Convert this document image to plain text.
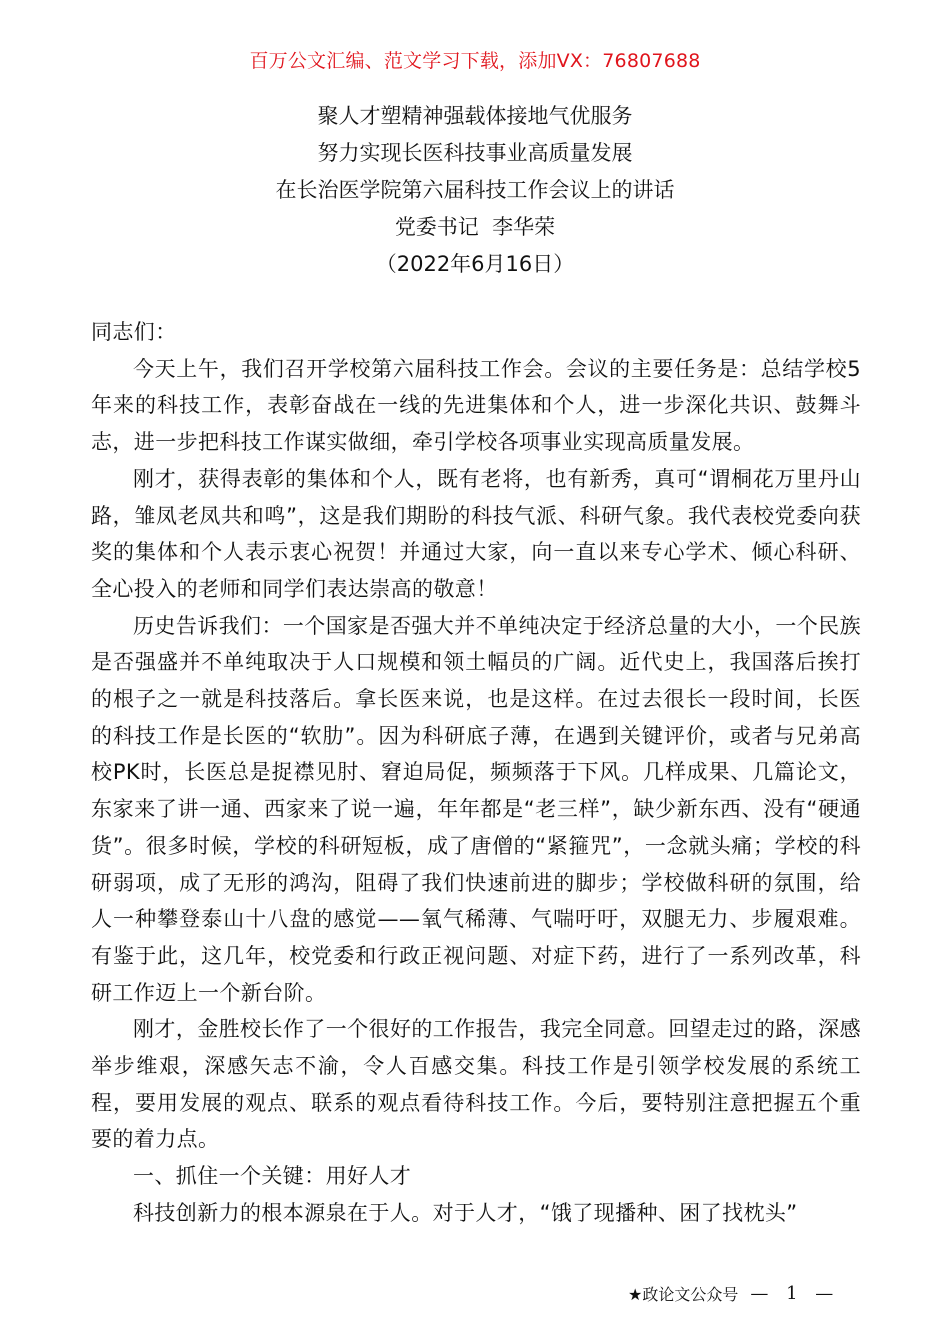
百万公文汇编、范文学习下载，添加VX：76807688
聚人才塑精神强载体接地气优服务
努力实现长医科技事业高质量发展
在长治医学院第六届科技工作会议上的讲话
党委书记  李华荣
（2022年6月16日）

同志们：

今天上午，我们召开学校第六届科技工作会。会议的主要任务是：总结学校5年来的科技工作，表彰奋战在一线的先进集体和个人，进一步深化共识、鼓舞斗志，进一步把科技工作谋实做细，牵引学校各项事业实现高质量发展。

刚才，获得表彰的集体和个人，既有老将，也有新秀，真可“谓桐花万里丹山路，雏凤老凤共和鸣”，这是我们期盼的科技气派、科研气象。我代表校党委向获奖的集体和个人表示衷心祝贺！并通过大家，向一直以来专心学术、倾心科研、全心投入的老师和同学们表达崇高的敬意！

历史告诉我们：一个国家是否强大并不单纯决定于经济总量的大小，一个民族是否强盛并不单纯取决于人口规模和领土幅员的广阔。近代史上，我国落后挨打的根子之一就是科技落后。拿长医来说，也是这样。在过去很长一段时间，长医的科技工作是长医的“软肋”。因为科研底子薄，在遇到关键评价，或者与兄弟高校PK时，长医总是捉襟见肘、窘迫局促，频频落于下风。几样成果、几篇论文，东家来了讲一通、西家来了说一遍，年年都是“老三样”，缺少新东西、没有“硬通货”。很多时候，学校的科研短板，成了唐僧的“紧箍咒”，一念就头痛；学校的科研弱项，成了无形的鸿沟，阻碍了我们快速前进的脚步；学校做科研的氛围，给人一种攀登泰山十八盘的感觉——氧气稀薄、气喘吁吁，双腿无力、步履艰难。有鉴于此，这几年，校党委和行政正视问题、对症下药，进行了一系列改革，科研工作迈上一个新台阶。

刚才，金胜校长作了一个很好的工作报告，我完全同意。回望走过的路，深感举步维艰，深感矢志不渝，令人百感交集。科技工作是引领学校发展的系统工程，要用发展的观点、联系的观点看待科技工作。今后，要特别注意把握五个重要的着力点。

一、抓住一个关键：用好人才

科技创新力的根本源泉在于人。对于人才，“饿了现播种、困了找枕头”

★政论文公众号 — 1 —
